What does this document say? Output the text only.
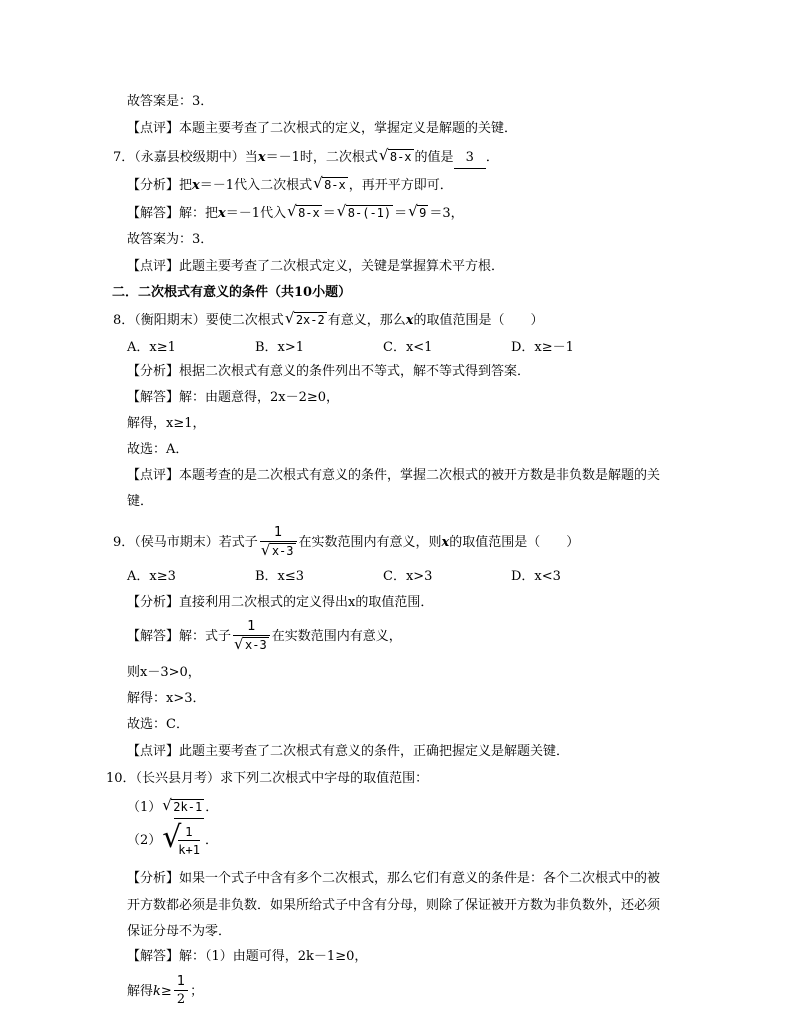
故答案是：3．
【点评】本题主要考查了二次根式的定义，掌握定义是解题的关键．
7．（永嘉县校级期中）当x＝－1时，二次根式 √ 8-x 的值是 3 ．
【分析】把x＝－1代入二次根式 √ 8-x ，再开平方即可．
【解答】解：把x＝－1代入 √ 8-x ＝ √ 8-(-1) ＝ √ 9 ＝3，
故答案为：3．
【点评】此题主要考查了二次根式定义，关键是掌握算术平方根．
二．二次根式有意义的条件（共10小题）
8．（衡阳期末）要使二次根式 √ 2x-2 有意义，那么x的取值范围是（　　）
A．x≥1	B．x>1	C．x<1	D．x≥－1
【分析】根据二次根式有意义的条件列出不等式，解不等式得到答案．
【解答】解：由题意得，2x－2≥0，
解得，x≥1，
故选：A．
【点评】本题考查的是二次根式有意义的条件，掌握二次根式的被开方数是非负数是解题的关
键．
9．（侯马市期末）若式子 $\frac{1}{√ x-3}$ 在实数范围内有意义，则x的取值范围是（　　）
A．x≥3	B．x≤3	C．x>3	D．x<3
【分析】直接利用二次根式的定义得出x的取值范围．
【解答】解：式子 $\frac{1}{√ x-3}$ 在实数范围内有意义，
则x－3>0，
解得：x>3．
故选：C．
【点评】此题主要考查了二次根式有意义的条件，正确把握定义是解题关键．
10．（长兴县月考）求下列二次根式中字母的取值范围：
（1） √ 2k-1 ．
（2） √
$\frac{1}{k+1}$ ．
【分析】如果一个式子中含有多个二次根式，那么它们有意义的条件是：各个二次根式中的被
开方数都必须是非负数．如果所给式子中含有分母，则除了保证被开方数为非负数外，还必须
保证分母不为零．
【解答】解：（1）由题可得，2k－1≥0，
解得$k\ge \frac{1}{2}$ ；
